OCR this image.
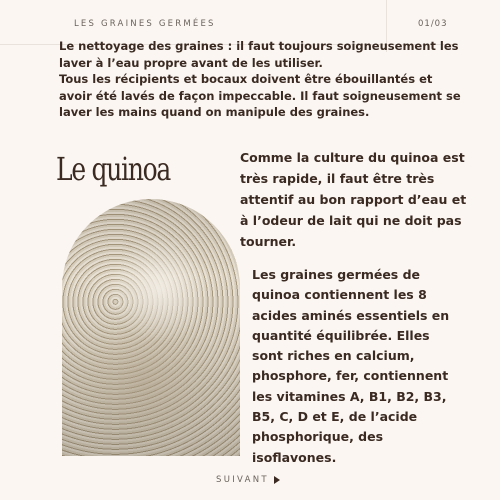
LES GRAINES GERMÉES	01/03

Le nettoyage des graines : il faut toujours soigneusement les laver à l’eau propre avant de les utiliser.

Tous les récipients et bocaux doivent être ébouillantés et avoir été lavés de façon impeccable. Il faut soigneusement se laver les mains quand on manipule des graines.

Le quinoa	Comme la culture du quinoa est très rapide, il faut être très attentif au bon rapport d’eau et à l’odeur de lait qui ne doit pas tourner.

Les graines germées de quinoa contiennent les 8 acides aminés essentiels en quantité équilibrée. Elles sont riches en calcium, phosphore, fer, contiennent les vitamines A, B1, B2, B3, B5, C, D et E, de l’acide phosphorique, des isoflavones.

SUIVANT
